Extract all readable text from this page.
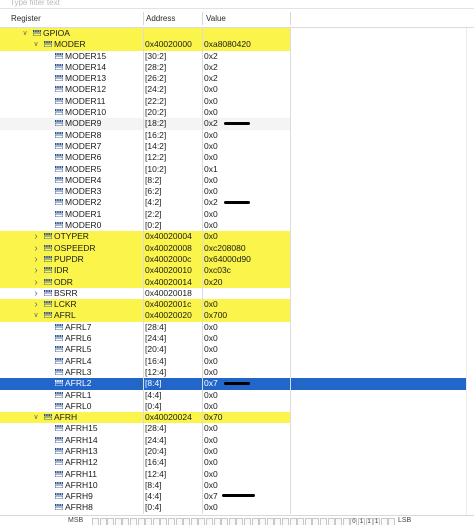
Type filter text
Register	Address	Value
∨ GPIOA
∨ MODER	0x40020000	0xa8080420
MODER15	[30:2]	0x2
MODER14	[28:2]	0x2
MODER13	[26:2]	0x2
MODER12	[24:2]	0x0
MODER11	[22:2]	0x0
MODER10	[20:2]	0x0
MODER9	[18:2]	0x2
MODER8	[16:2]	0x0
MODER7	[14:2]	0x0
MODER6	[12:2]	0x0
MODER5	[10:2]	0x1
MODER4	[8:2]	0x0
MODER3	[6:2]	0x0
MODER2	[4:2]	0x2
MODER1	[2:2]	0x0
MODER0	[0:2]	0x0
› OTYPER	0x40020004	0x0
› OSPEEDR	0x40020008	0xc208080
› PUPDR	0x4002000c	0x64000d90
› IDR	0x40020010	0xc03c
› ODR	0x40020014	0x20
› BSRR	0x40020018
› LCKR	0x4002001c	0x0
∨ AFRL	0x40020020	0x700
AFRL7	[28:4]	0x0
AFRL6	[24:4]	0x0
AFRL5	[20:4]	0x0
AFRL4	[16:4]	0x0
AFRL3	[12:4]	0x0
AFRL2	[8:4]	0x7
AFRL1	[4:4]	0x0
AFRL0	[0:4]	0x0
∨ AFRH	0x40020024	0x70
AFRH15	[28:4]	0x0
AFRH14	[24:4]	0x0
AFRH13	[20:4]	0x0
AFRH12	[16:4]	0x0
AFRH11	[12:4]	0x0
AFRH10	[8:4]	0x0
AFRH9	[4:4]	0x7
AFRH8	[0:4]	0x0
MSB	0 1 1 1	LSB
